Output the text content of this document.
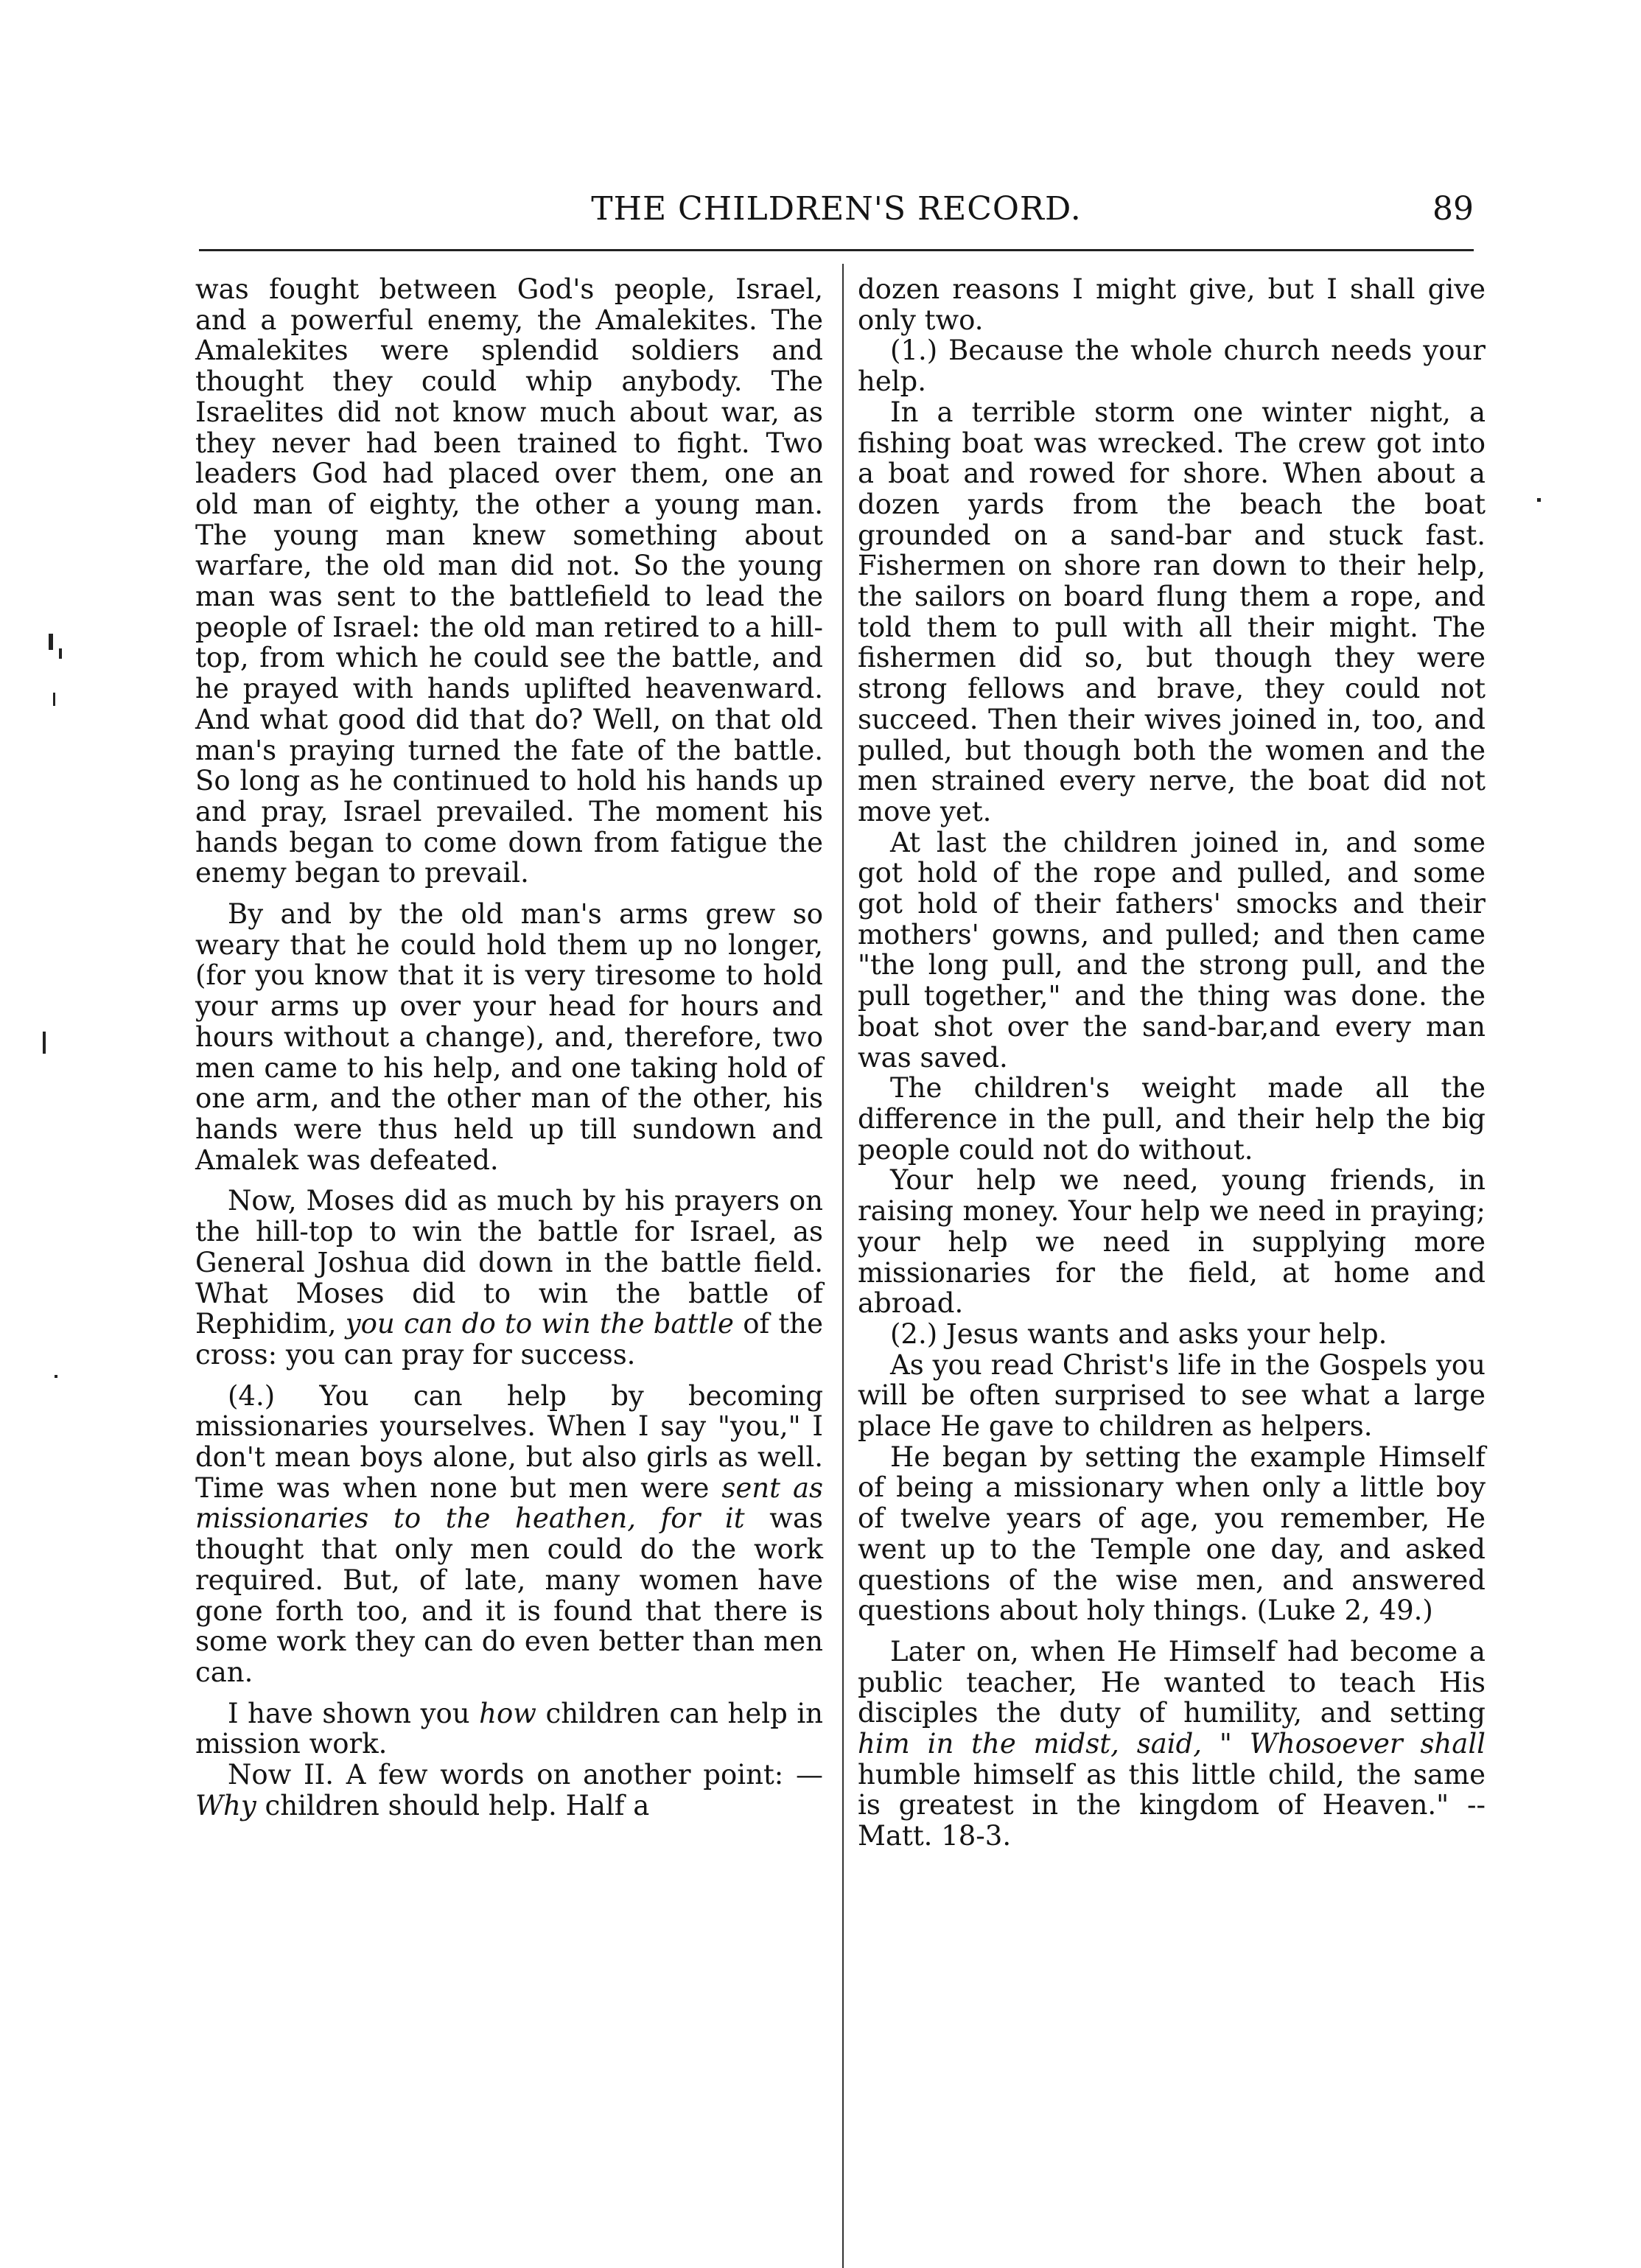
THE CHILDREN'S RECORD.	89

was fought between God's people, Israel, and a powerful enemy, the Amalekites. The Amalekites were splendid soldiers and thought they could whip anybody. The Israelites did not know much about war, as they never had been trained to fight. Two leaders God had placed over them, one an old man of eighty, the other a young man. The young man knew something about warfare, the old man did not. So the young man was sent to the battlefield to lead the people of Israel: the old man retired to a hill-top, from which he could see the battle, and he prayed with hands uplifted heavenward. And what good did that do? Well, on that old man's praying turned the fate of the battle. So long as he continued to hold his hands up and pray, Israel prevailed. The moment his hands began to come down from fatigue the enemy began to prevail.

By and by the old man's arms grew so weary that he could hold them up no longer, (for you know that it is very tiresome to hold your arms up over your head for hours and hours without a change), and, therefore, two men came to his help, and one taking hold of one arm, and the other man of the other, his hands were thus held up till sundown and Amalek was defeated.

Now, Moses did as much by his prayers on the hill-top to win the battle for Israel, as General Joshua did down in the battle field. What Moses did to win the battle of Rephidim, you can do to win the battle of the cross: you can pray for success.

(4.) You can help by becoming missionaries yourselves. When I say "you," I don't mean boys alone, but also girls as well. Time was when none but men were sent as missionaries to the heathen, for it was thought that only men could do the work required. But, of late, many women have gone forth too, and it is found that there is some work they can do even better than men can.

I have shown you how children can help in mission work.

Now II. A few words on another point: —Why children should help. Half a

dozen reasons I might give, but I shall give only two.

(1.) Because the whole church needs your help.

In a terrible storm one winter night, a fishing boat was wrecked. The crew got into a boat and rowed for shore. When about a dozen yards from the beach the boat grounded on a sand-bar and stuck fast. Fishermen on shore ran down to their help, the sailors on board flung them a rope, and told them to pull with all their might. The fishermen did so, but though they were strong fellows and brave, they could not succeed. Then their wives joined in, too, and pulled, but though both the women and the men strained every nerve, the boat did not move yet.

At last the children joined in, and some got hold of the rope and pulled, and some got hold of their fathers' smocks and their mothers' gowns, and pulled; and then came "the long pull, and the strong pull, and the pull together," and the thing was done. the boat shot over the sand-bar,and every man was saved.

The children's weight made all the difference in the pull, and their help the big people could not do without.

Your help we need, young friends, in raising money. Your help we need in praying; your help we need in supplying more missionaries for the field, at home and abroad.

(2.) Jesus wants and asks your help.

As you read Christ's life in the Gospels you will be often surprised to see what a large place He gave to children as helpers.

He began by setting the example Himself of being a missionary when only a little boy of twelve years of age, you remember, He went up to the Temple one day, and asked questions of the wise men, and answered questions about holy things. (Luke 2, 49.)

Later on, when He Himself had become a public teacher, He wanted to teach His disciples the duty of humility, and setting him in the midst, said, " Whosoever shall humble himself as this little child, the same is greatest in the kingdom of Heaven." --Matt. 18-3.
